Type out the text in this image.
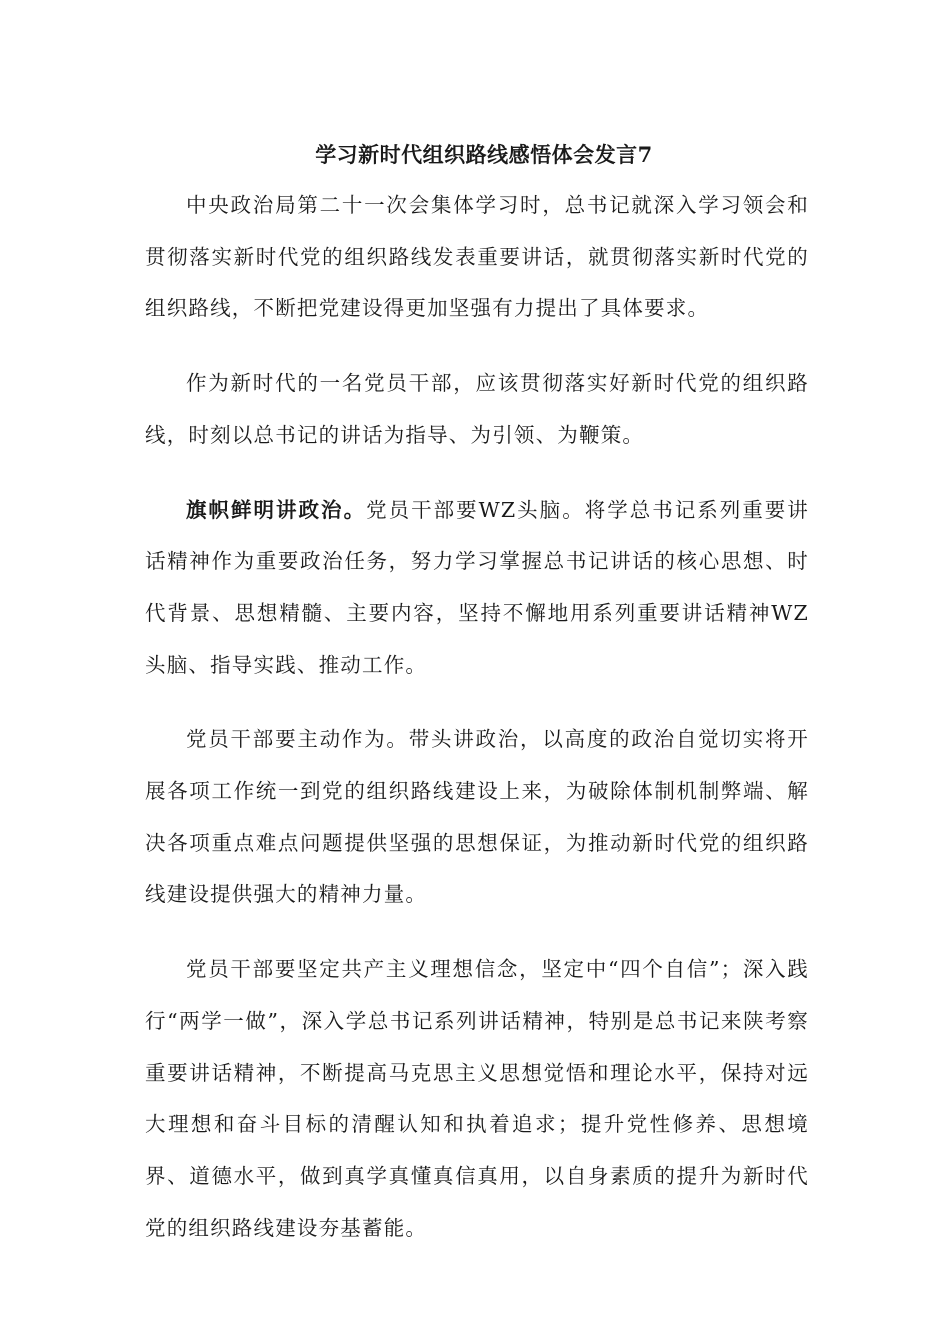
学习新时代组织路线感悟体会发言7

中央政治局第二十一次会集体学习时，总书记就深入学习领会和贯彻落实新时代党的组织路线发表重要讲话，就贯彻落实新时代党的组织路线，不断把党建设得更加坚强有力提出了具体要求。

作为新时代的一名党员干部，应该贯彻落实好新时代党的组织路线，时刻以总书记的讲话为指导、为引领、为鞭策。

旗帜鲜明讲政治。党员干部要WZ头脑。将学总书记系列重要讲话精神作为重要政治任务，努力学习掌握总书记讲话的核心思想、时代背景、思想精髓、主要内容，坚持不懈地用系列重要讲话精神WZ头脑、指导实践、推动工作。

党员干部要主动作为。带头讲政治，以高度的政治自觉切实将开展各项工作统一到党的组织路线建设上来，为破除体制机制弊端、解决各项重点难点问题提供坚强的思想保证，为推动新时代党的组织路线建设提供强大的精神力量。

党员干部要坚定共产主义理想信念，坚定中“四个自信”；深入践行“两学一做”，深入学总书记系列讲话精神，特别是总书记来陕考察重要讲话精神，不断提高马克思主义思想觉悟和理论水平，保持对远大理想和奋斗目标的清醒认知和执着追求；提升党性修养、思想境界、道德水平，做到真学真懂真信真用，以自身素质的提升为新时代党的组织路线建设夯基蓄能。
